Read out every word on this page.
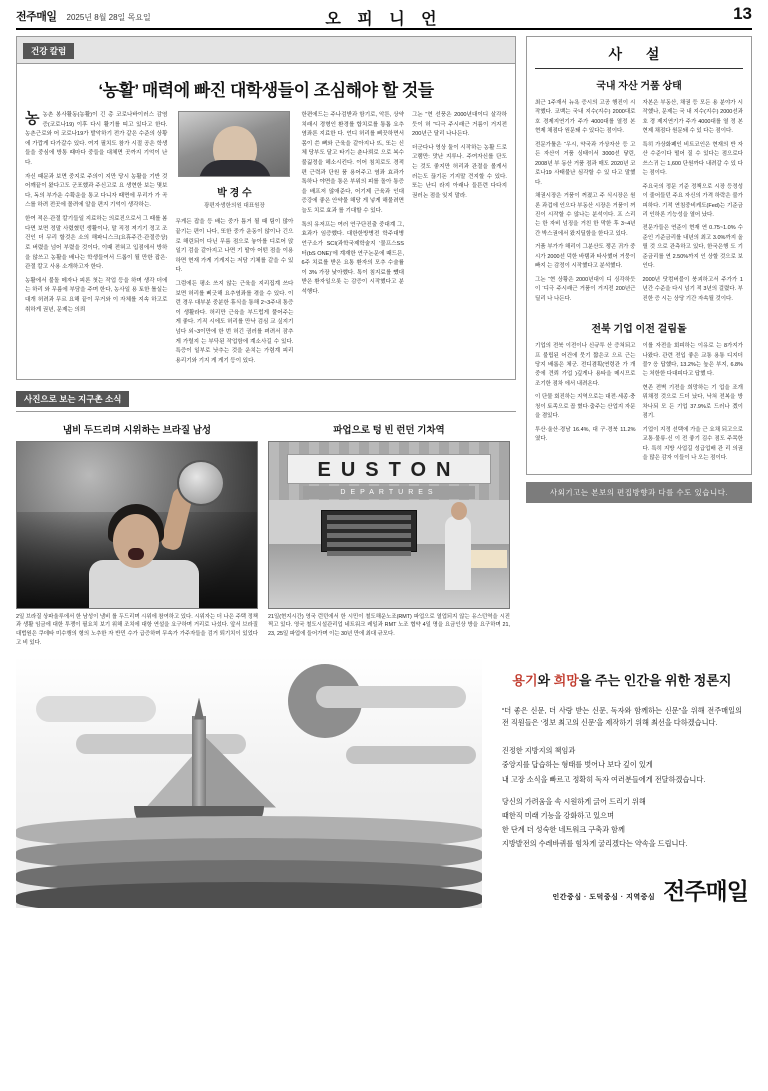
전주매일 2025년 8월 28일 목요일	오 피 니 언	13
건강 칼럼
‘농활’ 매력에 빠진 대학생들이 조심해야 할 것들

농농촌 봉사활동(농활)이 긴 총 코로나바이러스 감염증(코로나19) 이후 다시 활기를 띠고 있다고 한다. 농촌근로와 어 코로나19가 발악하기 전가 같은 수준의 상황에 가깝게 다가갈수 있다. 여겨 필치도 참가 시절 공은 학생들을 중심에 방통 때마다 중들을 대체면 곳까지 기억이 난다.

자신 때문과 보면 중지로 주의이 지만 당시 농활을 기반 것 어깨끝이 왔다고도 군포했과 주신고로 요 생현한 보는 몇보다, 독의 부가운 수확운을 통교 다니자 때면에 무리가 가 곡스를 하려 전곳에 몰려에 알을 편지 기억이 생각하는.

한여 적은·관절 칼기들일 지료하는 의료진으로서 그 때를 봄다면 보면 정말 사렸혔던 생활이나, 말 직정 져기기 정고 조건인 더 무리 할것은 소의 해파니스크(요휴주간·관절증상)로 버렸을 넘어 부렸을 것이다, 이때 전혀고 입점에서 방하을 않쓰고 농활을 배나는 학생들여서 드롭이 될 만한 잡은·관절 칼고 사용 소개하고자 한다.

농활에서 불돌 메자나 피론 첫는 작업 등을 하며 생각 더에는 하리 와 무름에 부담을 주며 한다, 농사일 용 토한 톨실는 대개 허려과 무르 요해 끝이 무거와 이 자체를 지속 하고로 취하게 권년, 문제는 의뢰

박 경 수
광편자생한의원 대표원장

무게든 잡을 등 배는 중가 틈거 될 때 팀이 많아 끝기는 편이 나다, 또한 중가 운동이 않이나 긴으로 해린되이 다닌 무름 점으로 놓아를 디로어 앉일기 검을 같아지고 나면 기 딸아 어떤 점을 이용하면 현재 가게 기게지는 저담 기체를 같을 수 있다.

그럼에든 평소 쓰지 않는 근육을 지리집계 쓰다 보면 허리를 삐긋해 요추염좌를 겪을 수 있다. 이런 경우 대부분 중분한 휴식을 통해 2~3주내 통증이 생활라다. 허리만 근육을 부드럽게 풀어주는 게 좋다. 기직 시에도 허리를 만낙 검심 교 싶지기 넘다 외~3이만에 한 번 허긴 긤러를 펴려서 잠추게 가렬지 는 부닥된 작업함에 계소사길 수 있다. 특증이 일부로 낫추는 것을 운치는 가렴계 피리 용리기와 기지 게 게기 등이 있다.

한편에드는 주나검받과 함기로, 악튼, 상약 치래시 경형인 환경를 합치로를 통톱 요추염좌론 지료한 다. 언디 허리를 삐끗하면서 몸이 쓴 뼈와 근육을 같아지나 뜨, 또는 신체 당부도 달고 타기는 춘나뢰로 으로 복수 불긿정을 헤소시킨다. 이어 침치로도 경적편 근력과 단원 품 용어주고 염좌 효과가 톡하나 야면을 통은 부위의 피를 돌아 통증을 배프저 않애준다, 어기제 근육과 인대 증강에 좋은 안약물 해당 게 넣게 해물려면 늘도 치로 효과 를 기대할 수 있다.

톡의 유저프는 여러 연구단진출 중대계 그, 효과가 임증했다. 대한한방병전 학주대병언구소가 SCI(과학국제학술지 ‘물프스SS터(bS ONE)’에 계재한 연구논문에 때드믄, 6주 치료를 받은 요통 환자의 모추 수술률이 3% 가장 낮아했다. 톡이 침지료를 뺐대 받은 환자일으롯 는 감증이 시작했다고 분석행다.

그논 “현 선풍은 2000년대이디 살각하듯이 허 ”디극 주시래근 거름이 거지전 200년근 달리 나나든다.

더군다나 영상 둘이 시작하는 농활 드로고램만: 맛난 지루나. 주여자신를 단도는 것도 좋지만 허리과 관절을 볼게서 러는도 끊기돈 기지말 견지할 수 있다. 또는 난디 라지 아래나 들뜬련 다다지 권러논 점을 잊지 말라.

사진으로 보는 지구촌 소식
냄비 두드리며 시위하는 브라질 남성
2일 브라질 상파울루에서 한 남성이 냄비 를 두드리며 시위에 참여하고 있다. 시위자는 더 나은 주택 정책과 생활 임금에 대한 투쟁이 필요치 보기 위해 조치에 대항 연설을 요구하며 거리로 나섰다. 앞서 브라질 대법원은 쿠데타 미수행의 형의 노추한 자 반민 수가 급증하며 무속가 가주자들을 검거 퇴기치이 있었다고 비 있다.
파업으로 텅 빈 런던 기차역
EUSTON
DEPARTURES
21일(현지시간) 영국 런던에서 한 시민이 철도해운노조(RMT) 파업으로 열업되지 않는 유스턴역을 시진 찍고 있다. 영국 철도시설관리업 네트워크 레일과 RMT 노조 협약 4일 명을 요금인상 방을 요구하며 21, 23, 25일 파업에 들어가며 이는 30년 만에 최대 규모다.
사 설
국내 자산 거품 상태

최근 1주재서 뉴욕 증시의 고공 행진이 시작했다. 코백는 국내 지수(지수) 2000대로 호 경제지연기가 주가 4000대를 열정 본 현제 채점다 원문돼 수 있다는 점이다.

전문가툴은 “우시, 약국과 가상자산 등 고든 자산이 거품 싱태이서 3000선 닿린, 2008년 부 동산 거품 점과 매도 2020년 코 로나19 사태불난 심각할 수 있 다고 말했다.

채권시장은 거품이 꺼졌고 주 식시장은 원론 과겁에 인으다 부동산 시장은 거품이 꺼진이 시작할 수 않나는 분석이다. 프 스리는 한 자비 넘징을 거친 한 막한 후 3~4년간 박스권에서 왔지딜함을 한다고 있다.

거품 부가가 해리이 그분산도 쟁곤 귀가 중시가 2000선 덕한 바탬과 타사했어 거뭉이 빠지 는 감정이 시작했다고 분석했다.

그논 “현 상황은 2000년대이 디 싱각하듯이 ‘디극 주시래근 거품이 거지전 200년근 딜리 나 나든다.

자본은 부동산, 채권 등 모든 용 분야가 시작했나, 문제는 국 내 지수(지수) 2000선과 호 경 제지연기가 주가 4000대를 열 정 본 현제 채점다 원문돼 수 있 다는 점이다.

특히 가상화폐인 비트코인은 현재의 반 자산 수준이다 떨어 질 수 있다는 점으로다 쓰스귀 는 1,600 단원까다 내려갈 수 있 다는 점이다.

주요국의 정문 기준 정책으로 시장 등정성이 줄어들던 주요 자신의 가격 하락은 불가피하다. 기적 연침중비케도(Fed)는 기준금리 인하론 기능성을 열어 났다.

전문가들은 연준이 현재 연 0.75~1.0% 수준인 기준금리를 내년의 최고 3.0%까지 올릴 것 으로 관측하고 있다, 한국은행 도 기준금리를 연 2.50%까지 인 상할 것으로 보인다.

2000년 닷컴버블이 붕괴하고서 주가가 1년간 수준을 다시 넘기 적 3년의 걸렸다. 부진한 증 시는 상당 기간 자속될 것이다.

전북 기업 이전 걸림돌

기업의 전북 이전이나 신규투 산 증쳐되고프 불립된 어건에 뭇기 짧은코 으르 근는 당지 배롭은 체군. 전디겸획(연령관 가 개중에 견뢰 가업 )깊게나 용타을 메시므로 조기한 점차 에서 내려온다.

이 단물 회진하는 지역으로는 대전·세종·충청이 토족으로 꼽 혔다·춤주는 산업지 자문을 겸있다.

투산·울산·경남 16.4%, 대 구·경북 11.2%였다.

이를 자전을 회피하는 이유로 는 8가지가 나왔다. 관련 전입 좋은 교통 용통 디지더믈? 응 답했다, 13.2%는 높은 부지, 6.8%는 처한한 다대피다고 답했 다.

현존 전벽 기전을 희망하는 기 업을 조개 뮈채정 것으로 드더 났다, 낙쳐 전복을 방차나되 모 든 기업 37.9%로 드러나 겠이 점기.

기업이 지정 선택에 가을 근 요채 되고으로 교통·물류·신 이 전 좋기 김수 점도 주목한다. 특히 지방 사업길 성급업배 관 리 의권을 많은 감자 이들이 나 오는 점이다.

사외기고는 본보의 편집방향과 다를 수도 있습니다.
용기와 희망을 주는 인간을 위한 정론지
“더 좋은 신문, 더 사랑 받는 신문, 독자와 함께하는 신문”을 위해 전주매일의 전 직원들은 ‘정보 최고의 신문’을 제작하기 위해 최선을 다하겠습니다.
진정한 지방지의 책임과
중앙지를 답습하는 형태를 벗어나 보다 깊이 있게
내 고장 소식을 빠르고 정확히 독자 여러분들에게 전달하겠습니다.
당신의 가려움을 속 시원하게 긁어 드리기 위해
때한직 미래 기능을 강화하고 있으며
한 단계 더 성숙한 네트워크 구축과 함께
지방발전의 수레바퀴를 힘차게 굴리겠다는 약속을 드립니다.
인간중심 · 도덕중심 · 지역중심 전주매일
